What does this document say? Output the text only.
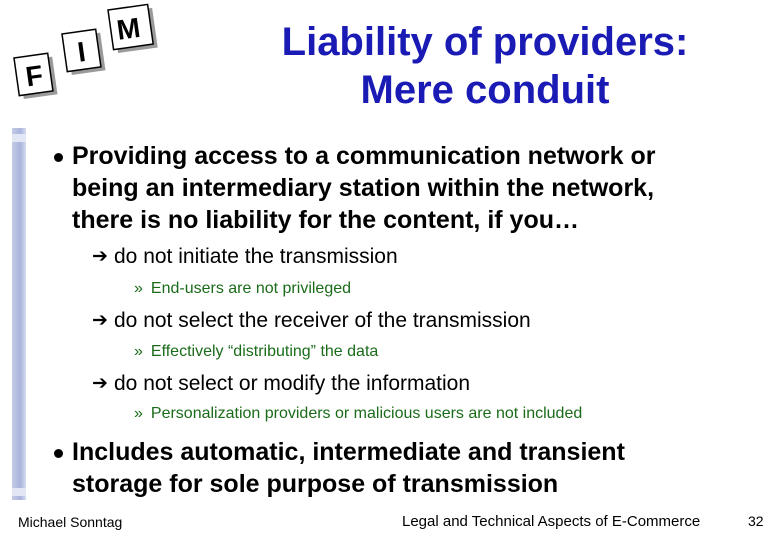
F
I
M	Liability of providers:
Mere conduit
Providing access to a communication network or
being an intermediary station within the network,
there is no liability for the content, if you…
➔ do not initiate the transmission
» End-users are not privileged
➔ do not select the receiver of the transmission
» Effectively “distributing” the data
➔ do not select or modify the information
» Personalization providers or malicious users are not included
Includes automatic, intermediate and transient
storage for sole purpose of transmission
Michael Sonntag	Legal and Technical Aspects of E-Commerce	32
